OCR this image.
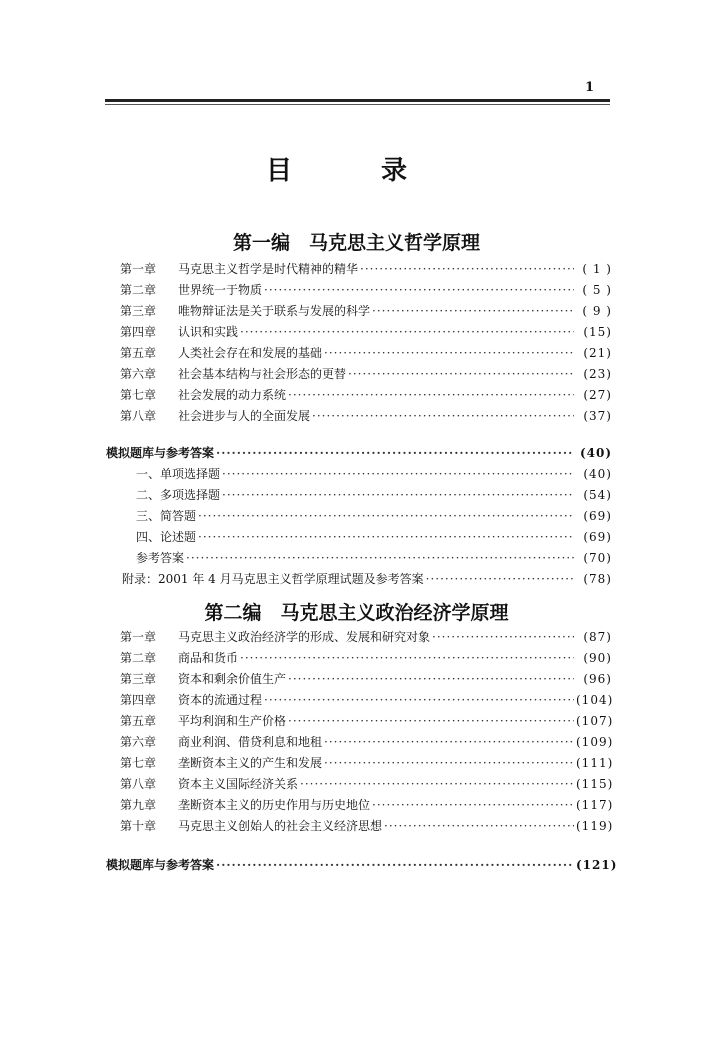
1
目 录
第一编　马克思主义哲学原理
第一章	马克思主义哲学是时代精神的精华 ·····	( 1 )
第二章	世界统一于物质 ·····	( 5 )
第三章	唯物辩证法是关于联系与发展的科学 ·····	( 9 )
第四章	认识和实践 ·····	(15)
第五章	人类社会存在和发展的基础 ·····	(21)
第六章	社会基本结构与社会形态的更替 ·····	(23)
第七章	社会发展的动力系统 ·····	(27)
第八章	社会进步与人的全面发展 ·····	(37)
模拟题库与参考答案 ·····	(40)
一、单项选择题 ·····	(40)
二、多项选择题 ·····	(54)
三、简答题 ·····	(69)
四、论述题 ·····	(69)
参考答案 ·····	(70)
附录：2001 年 4 月马克思主义哲学原理试题及参考答案 ·····	(78)
第二编　马克思主义政治经济学原理
第一章	马克思主义政治经济学的形成、发展和研究对象 ·····	(87)
第二章	商品和货币 ·····	(90)
第三章	资本和剩余价值生产 ·····	(96)
第四章	资本的流通过程 ·····	(104)
第五章	平均利润和生产价格 ·····	(107)
第六章	商业利润、借贷利息和地租 ·····	(109)
第七章	垄断资本主义的产生和发展 ·····	(111)
第八章	资本主义国际经济关系 ·····	(115)
第九章	垄断资本主义的历史作用与历史地位 ·····	(117)
第十章	马克思主义创始人的社会主义经济思想 ·····	(119)
模拟题库与参考答案 ·····	(121)
